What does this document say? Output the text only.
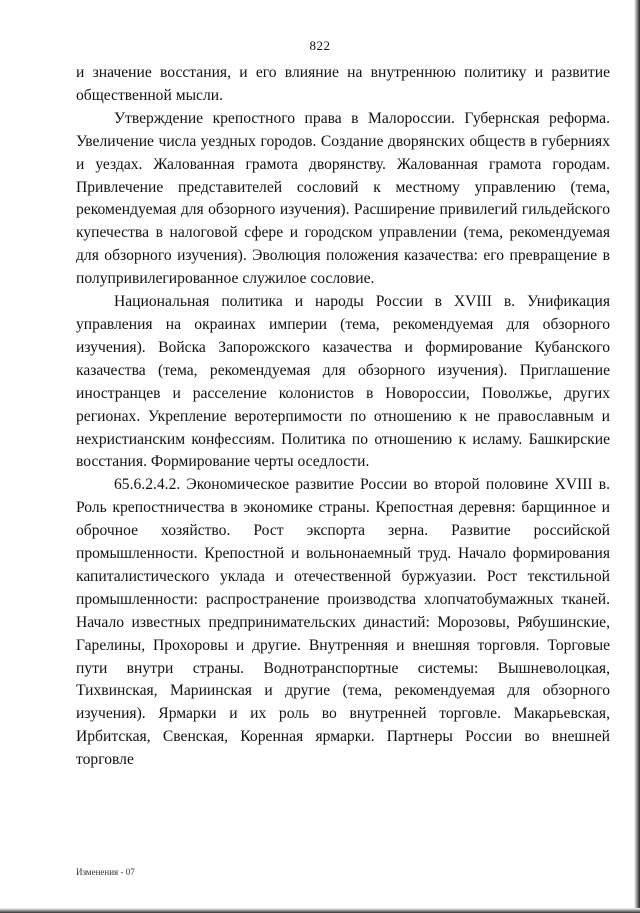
822

и значение восстания, и его влияние на внутреннюю политику и развитие общественной мысли.

Утверждение крепостного права в Малороссии. Губернская реформа. Увеличение числа уездных городов. Создание дворянских обществ в губерниях и уездах. Жалованная грамота дворянству. Жалованная грамота городам. Привлечение представителей сословий к местному управлению (тема, рекомендуемая для обзорного изучения). Расширение привилегий гильдейского купечества в налоговой сфере и городском управлении (тема, рекомендуемая для обзорного изучения). Эволюция положения казачества: его превращение в полупривилегированное служилое сословие.

Национальная политика и народы России в XVIII в. Унификация управления на окраинах империи (тема, рекомендуемая для обзорного изучения). Войска Запорожского казачества и формирование Кубанского казачества (тема, рекомендуемая для обзорного изучения). Приглашение иностранцев и расселение колонистов в Новороссии, Поволжье, других регионах. Укрепление веротерпимости по отношению к не православным и нехристианским конфессиям. Политика по отношению к исламу. Башкирские восстания. Формирование черты оседлости.

65.6.2.4.2. Экономическое развитие России во второй половине XVIII в. Роль крепостничества в экономике страны. Крепостная деревня: барщинное и оброчное хозяйство. Рост экспорта зерна. Развитие российской промышленности. Крепостной и вольнонаемный труд. Начало формирования капиталистического уклада и отечественной буржуазии. Рост текстильной промышленности: распространение производства хлопчатобумажных тканей. Начало известных предпринимательских династий: Морозовы, Рябушинские, Гарелины, Прохоровы и другие. Внутренняя и внешняя торговля. Торговые пути внутри страны. Воднотранспортные системы: Вышневолоцкая, Тихвинская, Мариинская и другие (тема, рекомендуемая для обзорного изучения). Ярмарки и их роль во внутренней торговле. Макарьевская, Ирбитская, Свенская, Коренная ярмарки. Партнеры России во внешней торговле

Изменения - 07
